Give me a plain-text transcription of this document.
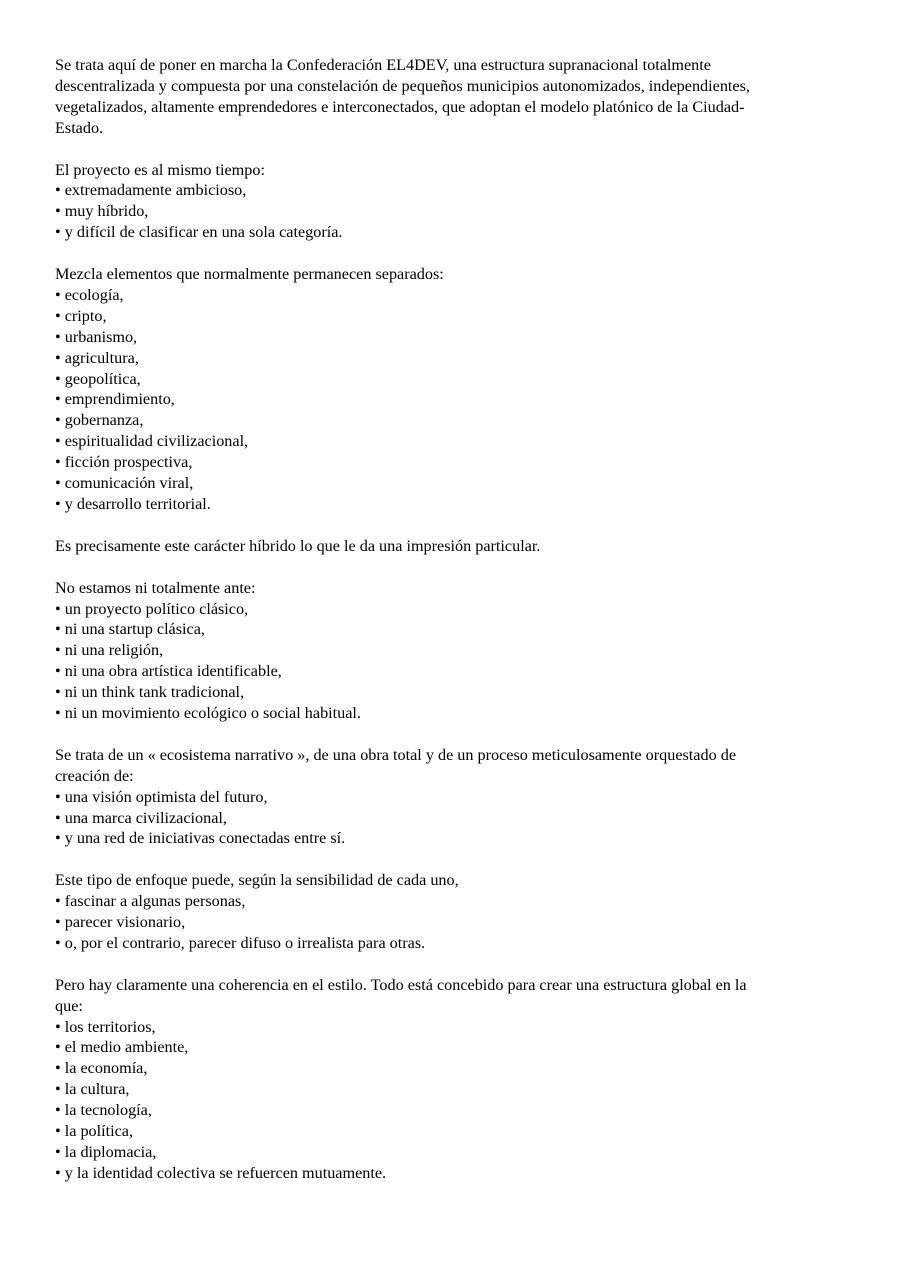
Se trata aquí de poner en marcha la Confederación EL4DEV, una estructura supranacional totalmente
descentralizada y compuesta por una constelación de pequeños municipios autonomizados, independientes,
vegetalizados, altamente emprendedores e interconectados, que adoptan el modelo platónico de la Ciudad-
Estado.

El proyecto es al mismo tiempo:
• extremadamente ambicioso,
• muy híbrido,
• y difícil de clasificar en una sola categoría.
Mezcla elementos que normalmente permanecen separados:
• ecología,
• cripto,
• urbanismo,
• agricultura,
• geopolítica,
• emprendimiento,
• gobernanza,
• espiritualidad civilizacional,
• ficción prospectiva,
• comunicación viral,
• y desarrollo territorial.

Es precisamente este carácter híbrido lo que le da una impresión particular.

No estamos ni totalmente ante:
• un proyecto político clásico,
• ni una startup clásica,
• ni una religión,
• ni una obra artística identificable,
• ni un think tank tradicional,
• ni un movimiento ecológico o social habitual.
Se trata de un « ecosistema narrativo », de una obra total y de un proceso meticulosamente orquestado de
creación de:
• una visión optimista del futuro,
• una marca civilizacional,
• y una red de iniciativas conectadas entre sí.
Este tipo de enfoque puede, según la sensibilidad de cada uno,
• fascinar a algunas personas,
• parecer visionario,
• o, por el contrario, parecer difuso o irrealista para otras.
Pero hay claramente una coherencia en el estilo. Todo está concebido para crear una estructura global en la
que:
• los territorios,
• el medio ambiente,
• la economía,
• la cultura,
• la tecnología,
• la política,
• la diplomacia,
• y la identidad colectiva se refuercen mutuamente.
